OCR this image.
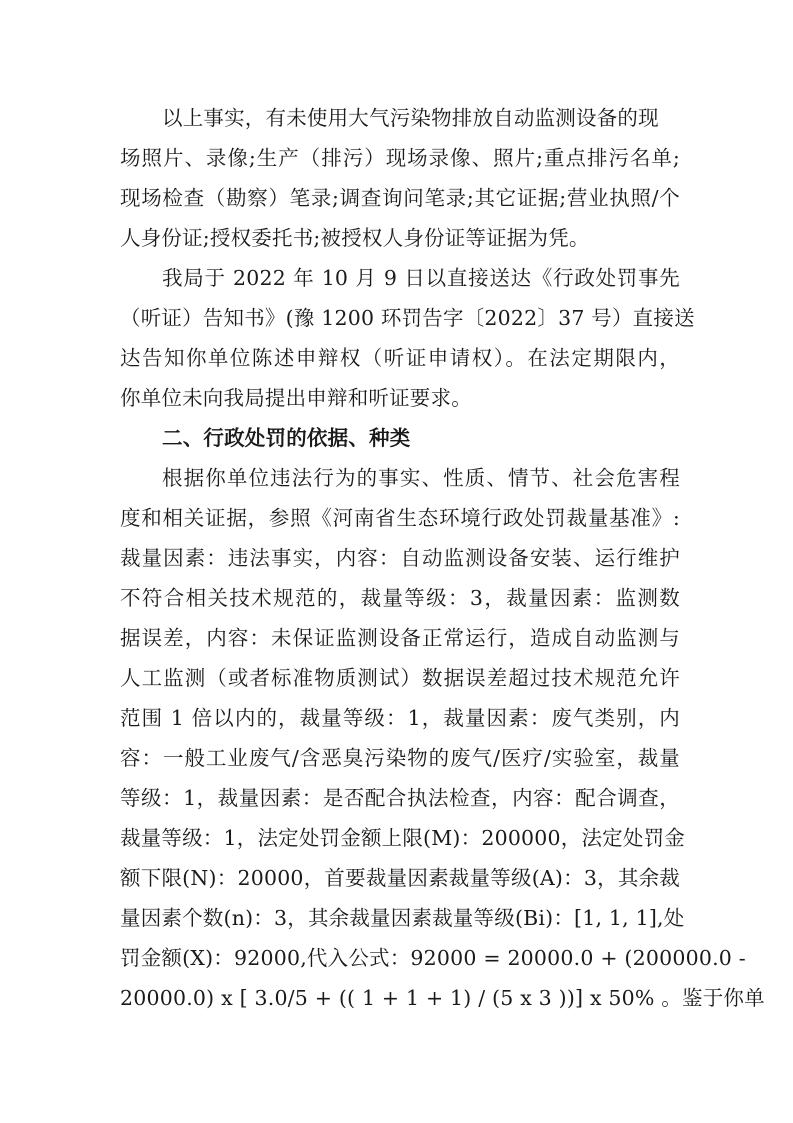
以上事实，有未使用大气污染物排放自动监测设备的现

场照片、录像;生产（排污）现场录像、照片;重点排污名单;

现场检查（勘察）笔录;调查询问笔录;其它证据;营业执照/个

人身份证;授权委托书;被授权人身份证等证据为凭。

我局于 2022 年 10 月 9 日以直接送达《行政处罚事先

（听证）告知书》(豫 1200 环罚告字〔2022〕37 号）直接送

达告知你单位陈述申辩权（听证申请权）。在法定期限内，

你单位未向我局提出申辩和听证要求。

二、行政处罚的依据、种类

根据你单位违法行为的事实、性质、情节、社会危害程

度和相关证据，参照《河南省生态环境行政处罚裁量基准》:

裁量因素：违法事实，内容：自动监测设备安装、运行维护

不符合相关技术规范的，裁量等级：3，裁量因素：监测数

据误差，内容：未保证监测设备正常运行，造成自动监测与

人工监测（或者标准物质测试）数据误差超过技术规范允许

范围 1 倍以内的，裁量等级：1，裁量因素：废气类别，内

容：一般工业废气/含恶臭污染物的废气/医疗/实验室，裁量

等级：1，裁量因素：是否配合执法检查，内容：配合调查，

裁量等级：1，法定处罚金额上限(M)：200000，法定处罚金

额下限(N)：20000，首要裁量因素裁量等级(A)：3，其余裁

量因素个数(n)：3，其余裁量因素裁量等级(Bi)：[1, 1, 1],处

罚金额(X)：92000,代入公式：92000 = 20000.0 + (200000.0 -

20000.0) x [ 3.0/5 + (( 1 + 1 + 1) / (5 x 3 ))] x 50% 。鉴于你单
